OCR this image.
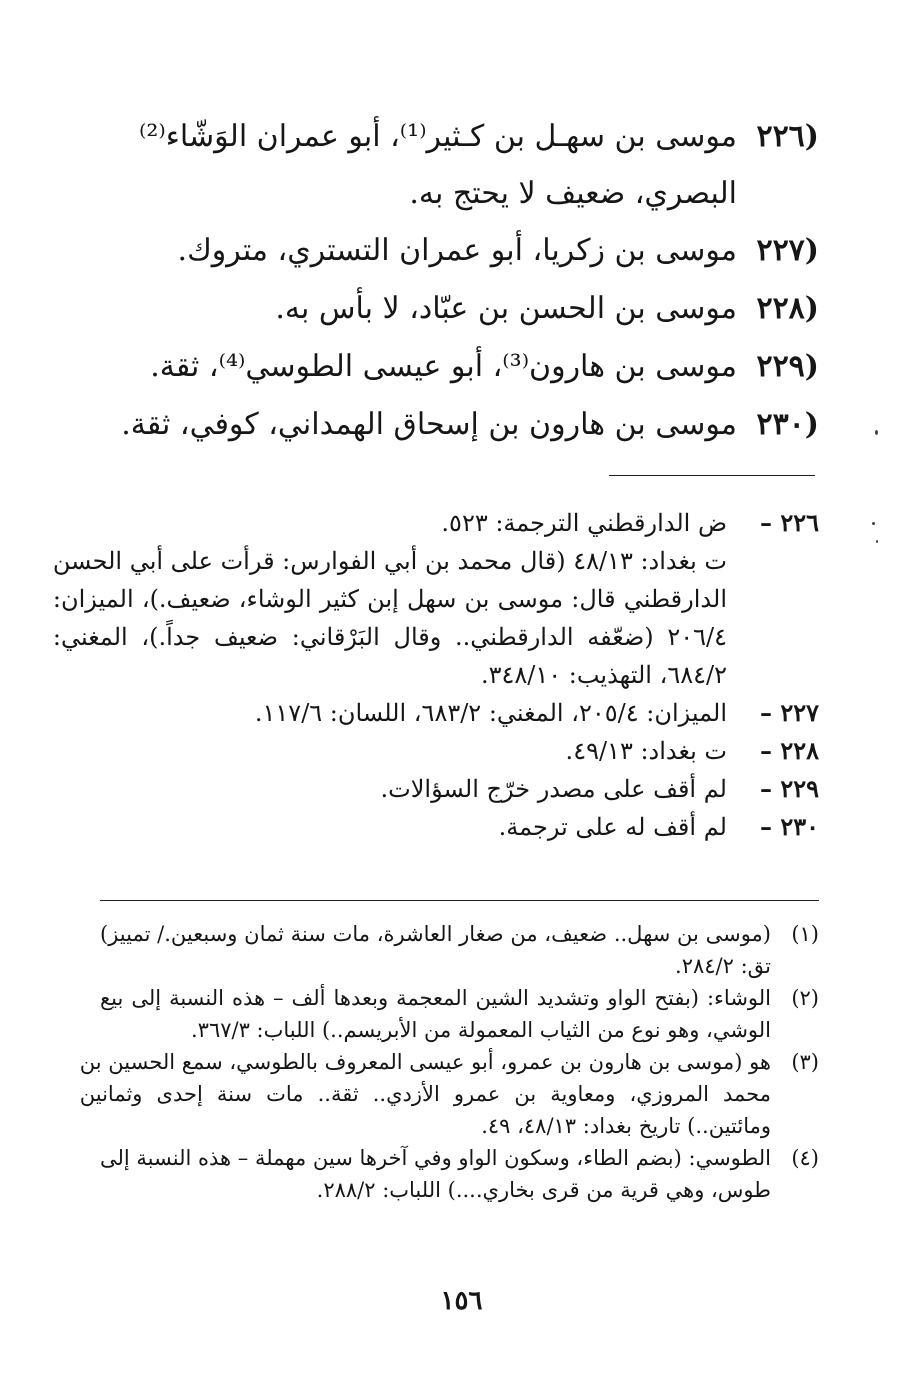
(٢٢٦
موسى بن سهـل بن كـثير⁽¹⁾، أبو عمران الوَشّاء⁽²⁾
البصري، ضعيف لا يحتج به.
(٢٢٧
موسى بن زكريا، أبو عمران التستري، متروك.
(٢٢٨
موسى بن الحسن بن عبّاد، لا بأس به.
(٢٢٩
موسى بن هارون⁽³⁾، أبو عيسى الطوسي⁽⁴⁾، ثقة.
(٢٣٠
موسى بن هارون بن إسحاق الهمداني، كوفي، ثقة.
٢٢٦ –
ض الدارقطني الترجمة: ٥٢٣.
ت بغداد: ٤٨/١٣ (قال محمد بن أبي الفوارس: قرأت على أبي الحسن
الدارقطني قال: موسى بن سهل إبن كثير الوشاء، ضعيف.)، الميزان:
٢٠٦/٤ (ضعّفه الدارقطني.. وقال البَرْقاني: ضعيف جداً.)، المغني:
٦٨٤/٢، التهذيب: ٣٤٨/١٠.
٢٢٧ –
الميزان: ٢٠٥/٤، المغني: ٦٨٣/٢، اللسان: ١١٧/٦.
٢٢٨ –
ت بغداد: ٤٩/١٣.
٢٢٩ –
لم أقف على مصدر خرّج السؤالات.
٢٣٠ –
لم أقف له على ترجمة.
(١)
(موسى بن سهل.. ضعيف، من صغار العاشرة، مات سنة ثمان وسبعين./ تمييز)
تق: ٢٨٤/٢.
(٢)
الوشاء: (بفتح الواو وتشديد الشين المعجمة وبعدها ألف – هذه النسبة إلى بيع
الوشي، وهو نوع من الثياب المعمولة من الأبريسم..) اللباب: ٣٦٧/٣.
(٣)
هو (موسى بن هارون بن عمرو، أبو عيسى المعروف بالطوسي، سمع الحسين بن
محمد المروزي، ومعاوية بن عمرو الأزدي.. ثقة.. مات سنة إحدى وثمانين
ومائتين..) تاريخ بغداد: ٤٨/١٣، ٤٩.
(٤)
الطوسي: (بضم الطاء، وسكون الواو وفي آخرها سين مهملة – هذه النسبة إلى
طوس، وهي قرية من قرى بخاري....) اللباب: ٢٨٨/٢.
١٥٦
